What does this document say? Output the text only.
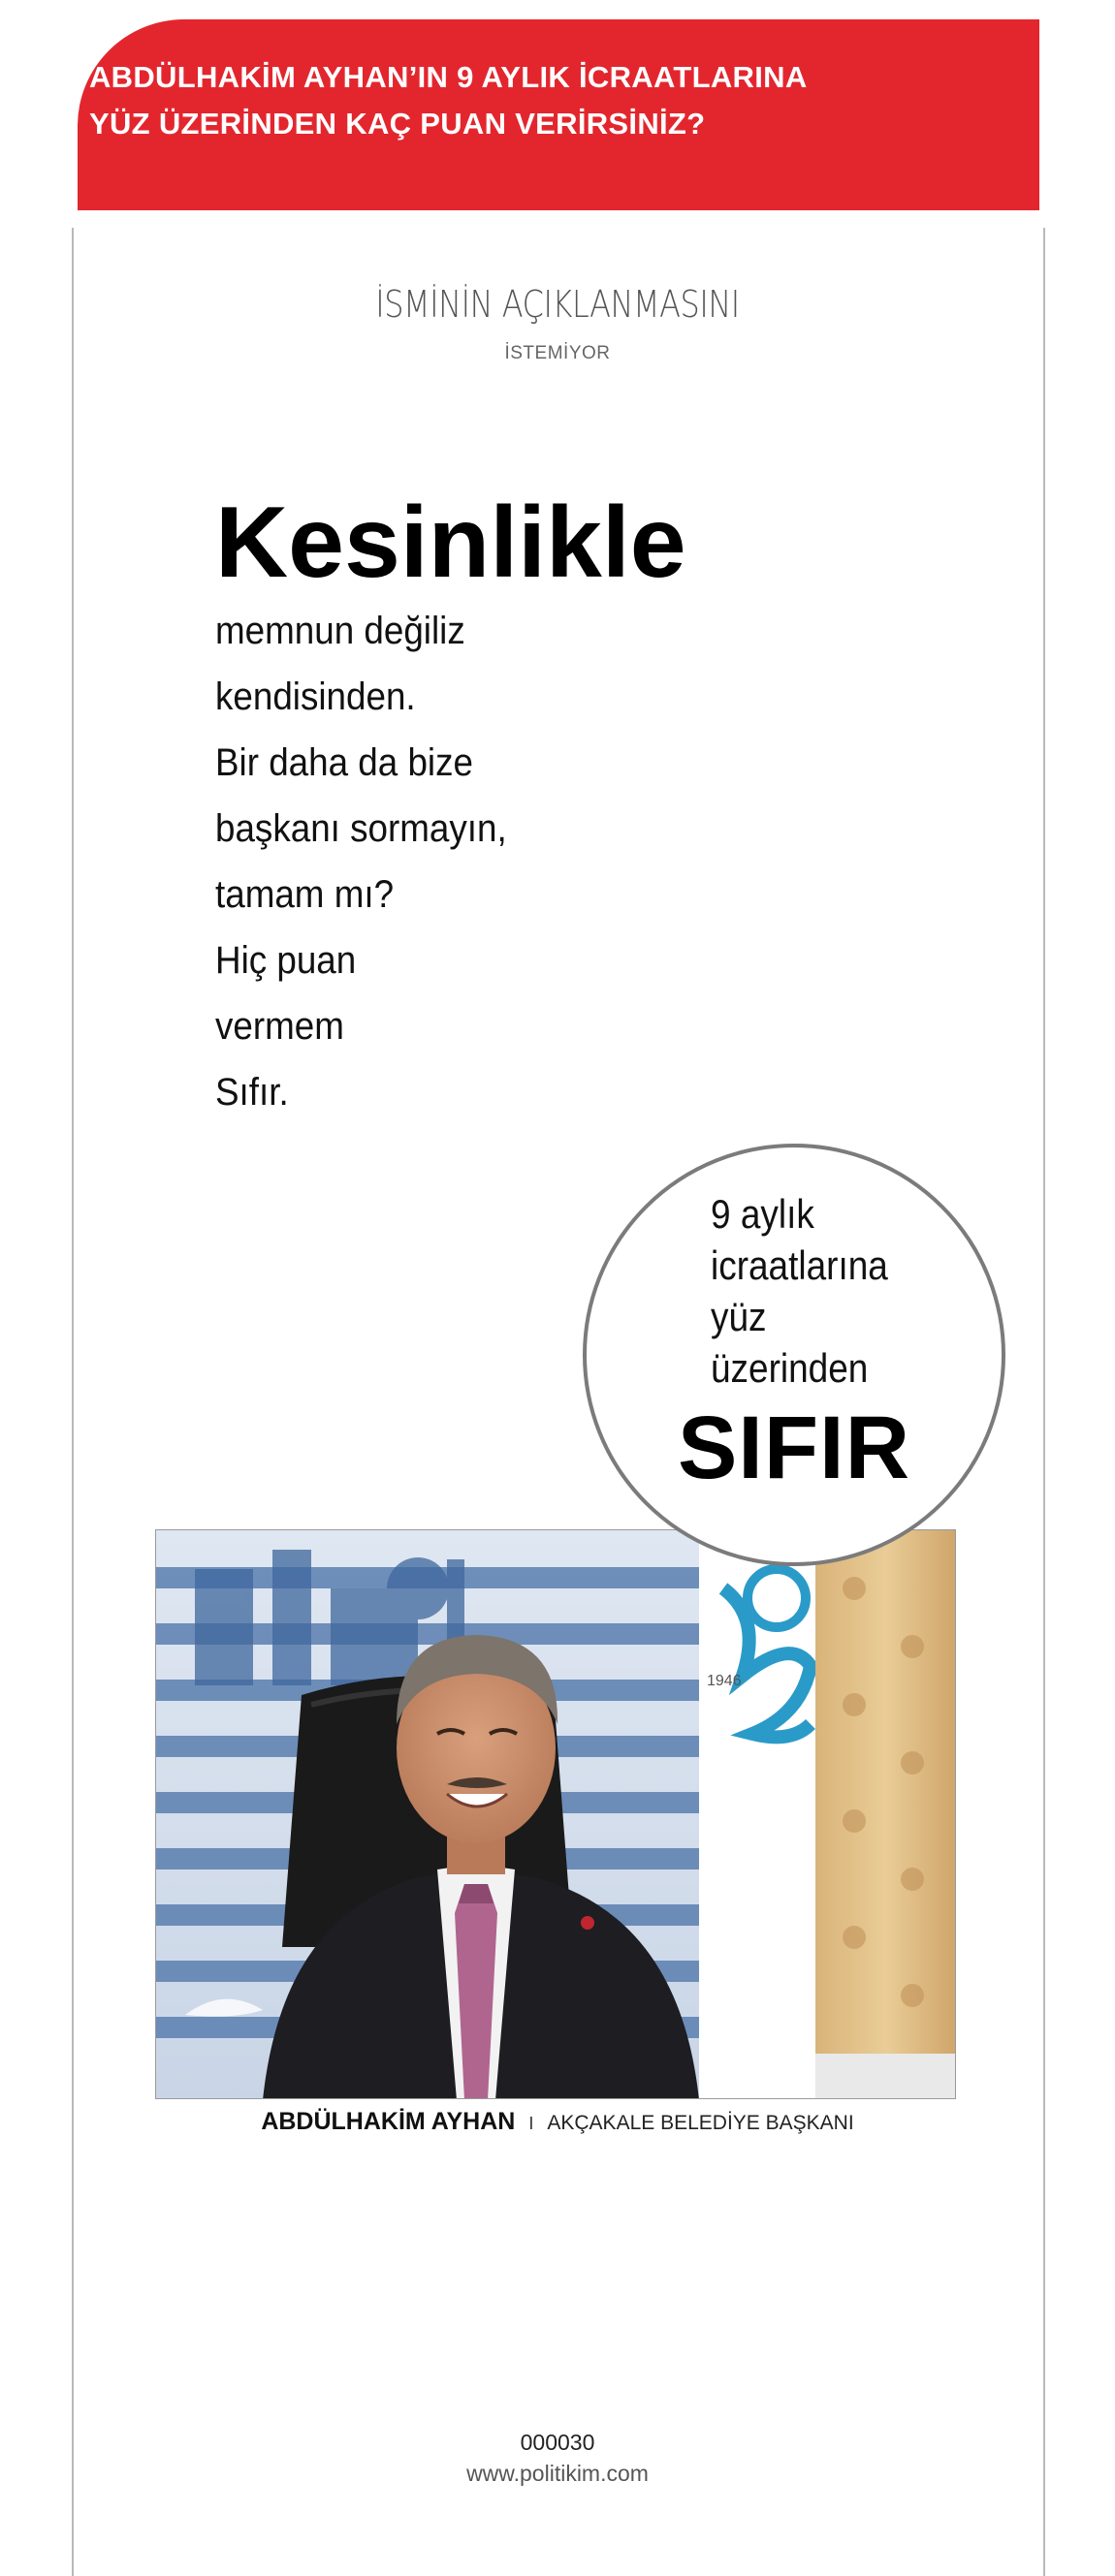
ABDÜLHAKİM AYHAN’IN 9 AYLIK İCRAATLARINA
YÜZ ÜZERİNDEN KAÇ PUAN VERİRSİNİZ?
İSMİNİN AÇIKLANMASINI
İSTEMİYOR
Kesinlikle
memnun değiliz
kendisinden.
Bir daha da bize
başkanı sormayın,
tamam mı?
Hiç puan
vermem
Sıfır.
1946
9 aylık
icraatlarına
yüz
üzerinden
SIFIR
ABDÜLHAKİM AYHAN I AKÇAKALE BELEDİYE BAŞKANI
000030
www.politikim.com
